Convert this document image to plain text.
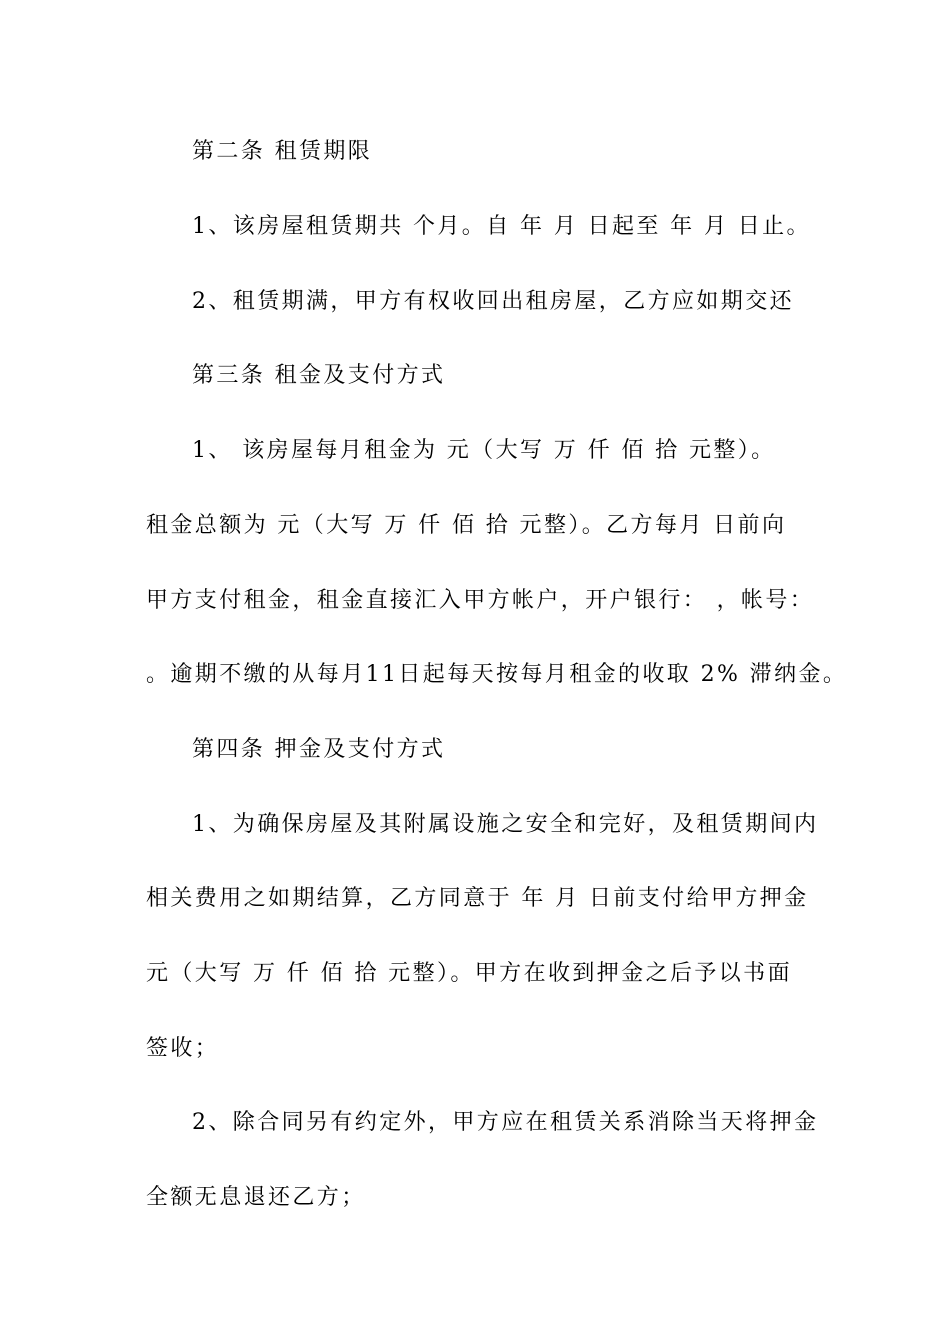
第二条 租赁期限
1、该房屋租赁期共 个月。自 年 月 日起至 年 月 日止。
2、租赁期满，甲方有权收回出租房屋，乙方应如期交还
第三条 租金及支付方式
1、 该房屋每月租金为 元（大写 万 仟 佰 拾 元整）。
租金总额为 元（大写 万 仟 佰 拾 元整）。乙方每月 日前向
甲方支付租金，租金直接汇入甲方帐户，开户银行： ，帐号：
。逾期不缴的从每月11日起每天按每月租金的收取 2% 滞纳金。
第四条 押金及支付方式
1、为确保房屋及其附属设施之安全和完好，及租赁期间内
相关费用之如期结算，乙方同意于 年 月 日前支付给甲方押金
元（大写 万 仟 佰 拾 元整）。甲方在收到押金之后予以书面
签收；
2、除合同另有约定外，甲方应在租赁关系消除当天将押金
全额无息退还乙方；
